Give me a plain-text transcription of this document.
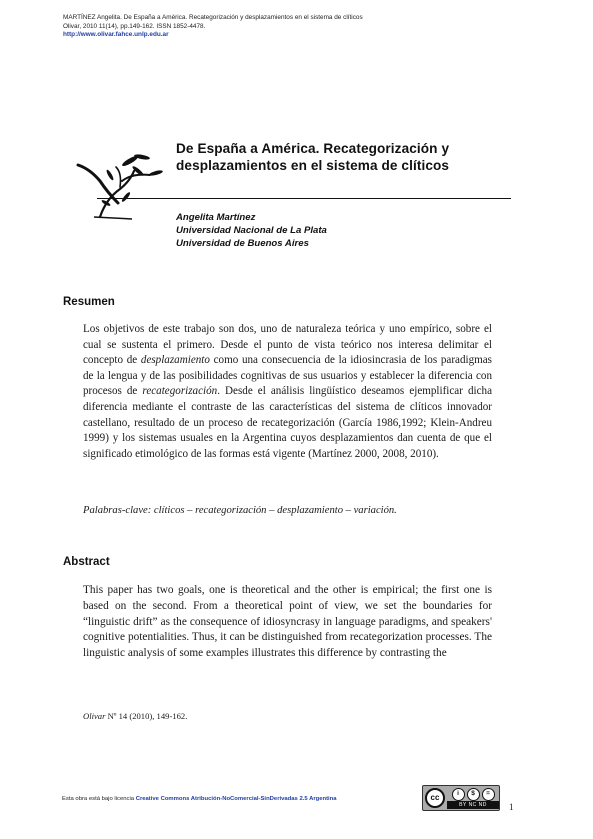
MARTÍNEZ Angelita. De España a América. Recategorización y desplazamientos en el sistema de clíticos
Olivar, 2010 11(14), pp.149-162. ISSN 1852-4478.
http://www.olivar.fahce.unlp.edu.ar
De España a América. Recategorización y
desplazamientos en el sistema de clíticos
Angelita Martínez
Universidad Nacional de La Plata
Universidad de Buenos Aires
Resumen
Los objetivos de este trabajo son dos, uno de naturaleza teórica y uno empírico, sobre el cual se sustenta el primero. Desde el punto de vista teórico nos interesa delimitar el concepto de desplazamiento como una consecuencia de la idiosincrasia de los paradigmas de la lengua y de las posibilidades cognitivas de sus usuarios y establecer la diferencia con procesos de recategorización. Desde el análisis lingüístico deseamos ejemplificar dicha diferencia mediante el contraste de las características del sistema de clíticos innovador castellano, resultado de un proceso de recategorización (García 1986,1992; Klein-Andreu 1999) y los sistemas usuales en la Argentina cuyos desplazamientos dan cuenta de que el significado etimológico de las formas está vigente (Martínez 2000, 2008, 2010).
Palabras-clave: clíticos – recategorización – desplazamiento – variación.
Abstract
This paper has two goals, one is theoretical and the other is empirical; the first one is based on the second. From a theoretical point of view, we set the boundaries for “linguistic drift” as the consequence of idiosyncrasy in language paradigms, and speakers' cognitive potentialities. Thus, it can be distinguished from recategorization processes. The linguistic analysis of some examples illustrates this difference by contrasting the
Olivar Nº 14 (2010), 149-162.
Esta obra está bajo licencia Creative Commons Atribución-NoComercial-SinDerivadas 2.5 Argentina	cc	i	$	=
BY NC ND	1
